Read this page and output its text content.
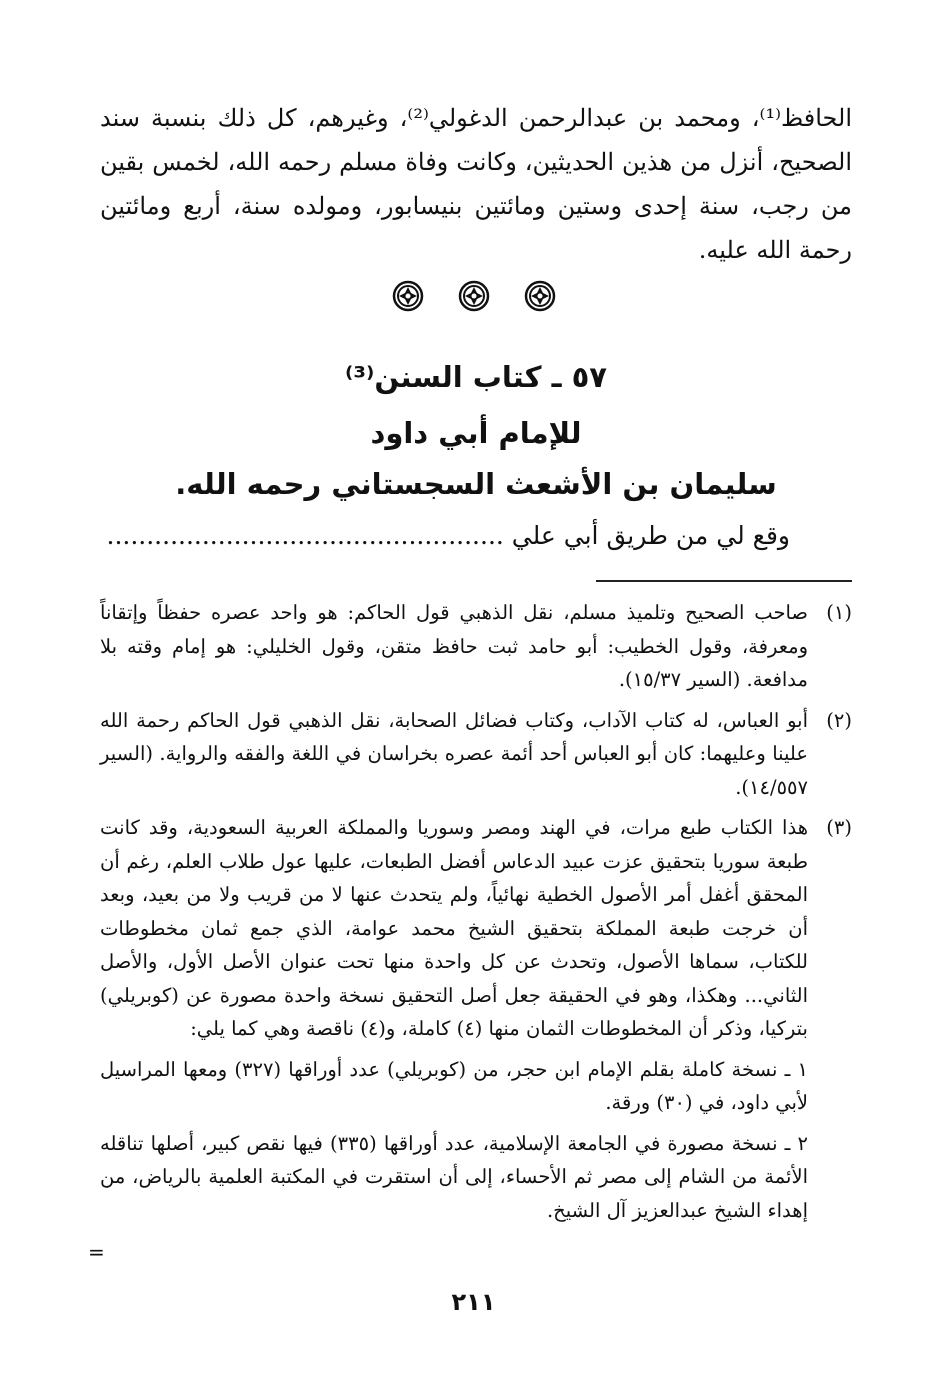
الحافظ⁽¹⁾، ومحمد بن عبدالرحمن الدغولي⁽²⁾، وغيرهم، كل ذلك بنسبة سند الصحيح، أنزل من هذين الحديثين، وكانت وفاة مسلم رحمه الله، لخمس بقين من رجب، سنة إحدى وستين ومائتين بنيسابور، ومولده سنة، أربع ومائتين رحمة الله عليه.

٥٧ ـ كتاب السنن⁽³⁾
للإمام أبي داود
سليمان بن الأشعث السجستاني رحمه الله.
وقع لي من طريق أبي علي ..................................................
(١)

صاحب الصحيح وتلميذ مسلم، نقل الذهبي قول الحاكم: هو واحد عصره حفظاً وإتقاناً ومعرفة، وقول الخطيب: أبو حامد ثبت حافظ متقن، وقول الخليلي: هو إمام وقته بلا مدافعة. (السير ١٥/٣٧).

(٢)

أبو العباس، له كتاب الآداب، وكتاب فضائل الصحابة، نقل الذهبي قول الحاكم رحمة الله علينا وعليهما: كان أبو العباس أحد أئمة عصره بخراسان في اللغة والفقه والرواية. (السير ١٤/٥٥٧).

(٣)

هذا الكتاب طبع مرات، في الهند ومصر وسوريا والمملكة العربية السعودية، وقد كانت طبعة سوريا بتحقيق عزت عبيد الدعاس أفضل الطبعات، عليها عول طلاب العلم، رغم أن المحقق أغفل أمر الأصول الخطية نهائياً، ولم يتحدث عنها لا من قريب ولا من بعيد، وبعد أن خرجت طبعة المملكة بتحقيق الشيخ محمد عوامة، الذي جمع ثمان مخطوطات للكتاب، سماها الأصول، وتحدث عن كل واحدة منها تحت عنوان الأصل الأول، والأصل الثاني... وهكذا، وهو في الحقيقة جعل أصل التحقيق نسخة واحدة مصورة عن (كوبريلي) بتركيا، وذكر أن المخطوطات الثمان منها (٤) كاملة، و(٤) ناقصة وهي كما يلي:

١ ـ نسخة كاملة بقلم الإمام ابن حجر، من (كوبريلي) عدد أوراقها (٣٢٧) ومعها المراسيل لأبي داود، في (٣٠) ورقة.

٢ ـ نسخة مصورة في الجامعة الإسلامية، عدد أوراقها (٣٣٥) فيها نقص كبير، أصلها تناقله الأئمة من الشام إلى مصر ثم الأحساء، إلى أن استقرت في المكتبة العلمية بالرياض، من إهداء الشيخ عبدالعزيز آل الشيخ.

=
٢١١
